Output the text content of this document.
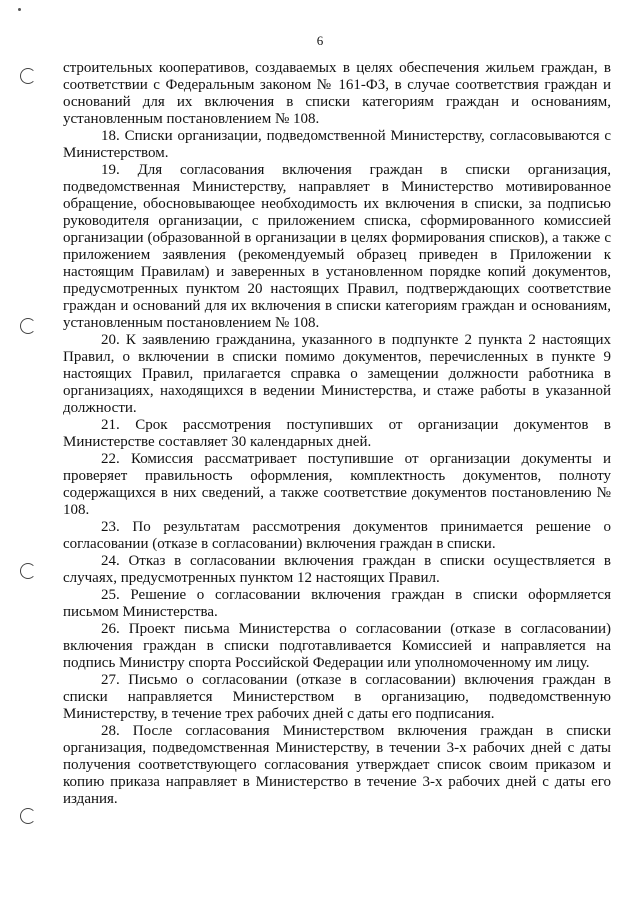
6

строительных кооперативов, создаваемых в целях обеспечения жильем граждан, в соответствии с Федеральным законом № 161-ФЗ, в случае соответствия граждан и оснований для их включения в списки категориям граждан и основаниям, установленным постановлением № 108.

18. Списки организации, подведомственной Министерству, согласовываются с Министерством.

19. Для согласования включения граждан в списки организация, подведомственная Министерству, направляет в Министерство мотивированное обращение, обосновывающее необходимость их включения в списки, за подписью руководителя организации, с приложением списка, сформированного комиссией организации (образованной в организации в целях формирования списков), а также с приложением заявления (рекомендуемый образец приведен в Приложении к настоящим Правилам) и заверенных в установленном порядке копий документов, предусмотренных пунктом 20 настоящих Правил, подтверждающих соответствие граждан и оснований для их включения в списки категориям граждан и основаниям, установленным постановлением № 108.

20. К заявлению гражданина, указанного в подпункте 2 пункта 2 настоящих Правил, о включении в списки помимо документов, перечисленных в пункте 9 настоящих Правил, прилагается справка о замещении должности работника в организациях, находящихся в ведении Министерства, и стаже работы в указанной должности.

21. Срок рассмотрения поступивших от организации документов в Министерстве составляет 30 календарных дней.

22. Комиссия рассматривает поступившие от организации документы и проверяет правильность оформления, комплектность документов, полноту содержащихся в них сведений, а также соответствие документов постановлению № 108.

23. По результатам рассмотрения документов принимается решение о согласовании (отказе в согласовании) включения граждан в списки.

24. Отказ в согласовании включения граждан в списки осуществляется в случаях, предусмотренных пунктом 12 настоящих Правил.

25. Решение о согласовании включения граждан в списки оформляется письмом Министерства.

26. Проект письма Министерства о согласовании (отказе в согласовании) включения граждан в списки подготавливается Комиссией и направляется на подпись Министру спорта Российской Федерации или уполномоченному им лицу.

27. Письмо о согласовании (отказе в согласовании) включения граждан в списки направляется Министерством в организацию, подведомственную Министерству, в течение трех рабочих дней с даты его подписания.

28. После согласования Министерством включения граждан в списки организация, подведомственная Министерству, в течении 3-х рабочих дней с даты получения соответствующего согласования утверждает список своим приказом и копию приказа направляет в Министерство в течение 3-х рабочих дней с даты его издания.
